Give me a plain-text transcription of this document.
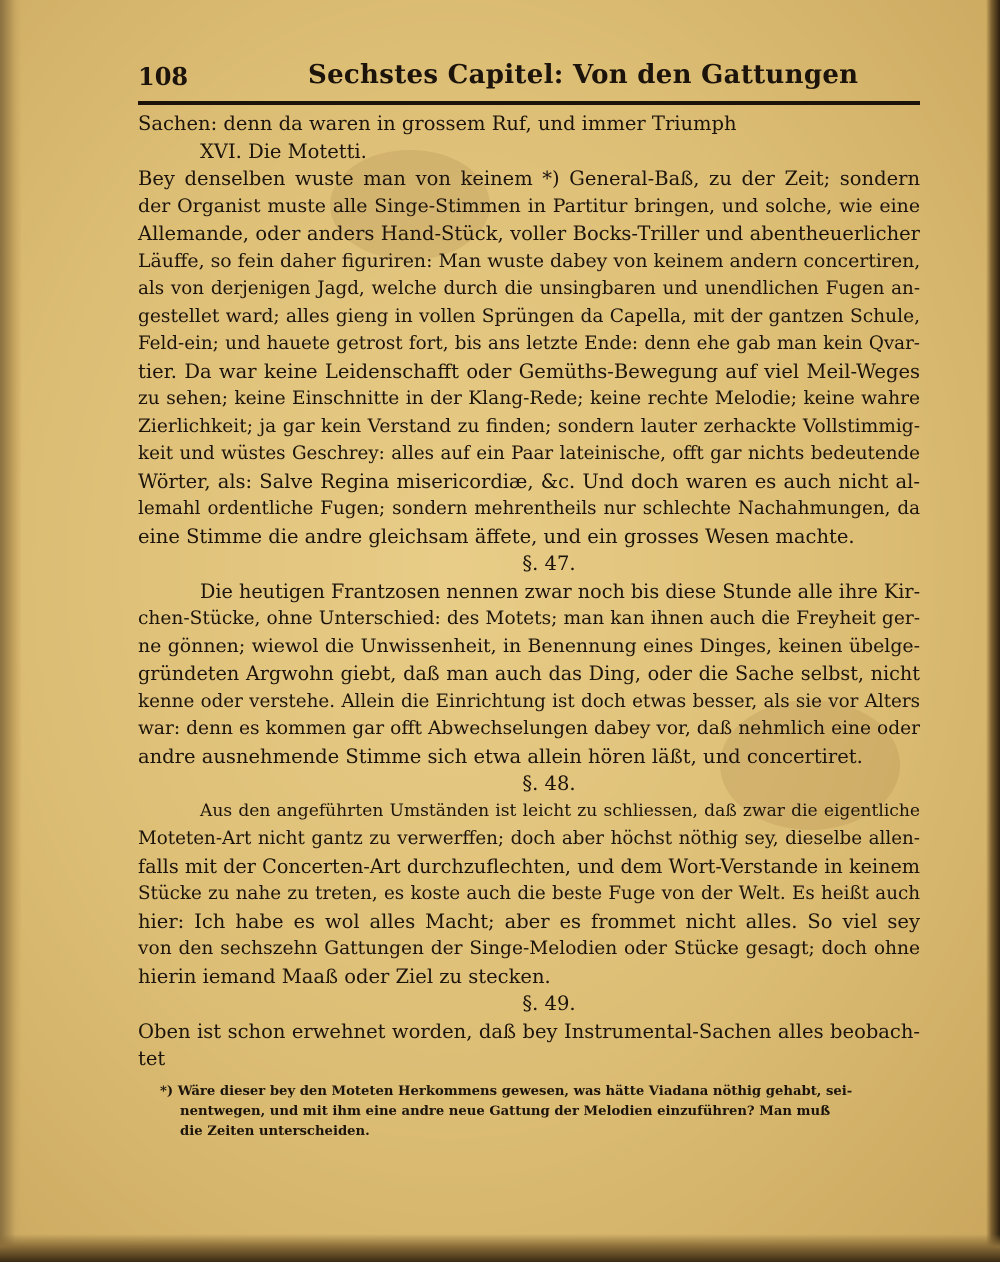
108	Sechstes Capitel: Von den Gattungen
Sachen: denn da waren in grossem Ruf, und immer Triumph
XVI. Die Motetti.
Bey denselben wuste man von keinem *) General-Baß, zu der Zeit; sondern
der Organist muste alle Singe-Stimmen in Partitur bringen, und solche, wie eine
Allemande, oder anders Hand-Stück, voller Bocks-Triller und abentheuerlicher
Läuffe, so fein daher figuriren: Man wuste dabey von keinem andern concertiren,
als von derjenigen Jagd, welche durch die unsingbaren und unendlichen Fugen an-
gestellet ward; alles gieng in vollen Sprüngen da Capella, mit der gantzen Schule,
Feld-ein; und hauete getrost fort, bis ans letzte Ende: denn ehe gab man kein Qvar-
tier. Da war keine Leidenschafft oder Gemüths-Bewegung auf viel Meil-Weges
zu sehen; keine Einschnitte in der Klang-Rede; keine rechte Melodie; keine wahre
Zierlichkeit; ja gar kein Verstand zu finden; sondern lauter zerhackte Vollstimmig-
keit und wüstes Geschrey: alles auf ein Paar lateinische, offt gar nichts bedeutende
Wörter, als: Salve Regina misericordiæ, &c. Und doch waren es auch nicht al-
lemahl ordentliche Fugen; sondern mehrentheils nur schlechte Nachahmungen, da
eine Stimme die andre gleichsam äffete, und ein grosses Wesen machte.
§. 47.
Die heutigen Frantzosen nennen zwar noch bis diese Stunde alle ihre Kir-
chen-Stücke, ohne Unterschied: des Motets; man kan ihnen auch die Freyheit ger-
ne gönnen; wiewol die Unwissenheit, in Benennung eines Dinges, keinen übelge-
gründeten Argwohn giebt, daß man auch das Ding, oder die Sache selbst, nicht
kenne oder verstehe. Allein die Einrichtung ist doch etwas besser, als sie vor Alters
war: denn es kommen gar offt Abwechselungen dabey vor, daß nehmlich eine oder
andre ausnehmende Stimme sich etwa allein hören läßt, und concertiret.
§. 48.
Aus den angeführten Umständen ist leicht zu schliessen, daß zwar die eigentliche
Moteten-Art nicht gantz zu verwerffen; doch aber höchst nöthig sey, dieselbe allen-
falls mit der Concerten-Art durchzuflechten, und dem Wort-Verstande in keinem
Stücke zu nahe zu treten, es koste auch die beste Fuge von der Welt. Es heißt auch
hier: Ich habe es wol alles Macht; aber es frommet nicht alles. So viel sey
von den sechszehn Gattungen der Singe-Melodien oder Stücke gesagt; doch ohne
hierin iemand Maaß oder Ziel zu stecken.
§. 49.
Oben ist schon erwehnet worden, daß bey Instrumental-Sachen alles beobach-
tet
*) Wäre dieser bey den Moteten Herkommens gewesen, was hätte Viadana nöthig gehabt, sei-
nentwegen, und mit ihm eine andre neue Gattung der Melodien einzuführen? Man muß
die Zeiten unterscheiden.
